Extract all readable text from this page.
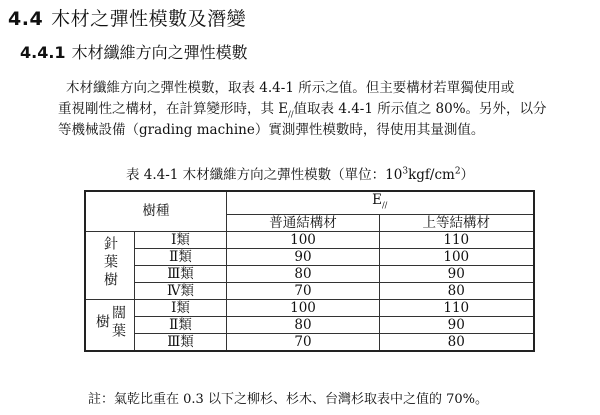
4.4 木材之彈性模數及潛變
4.4.1 木材纖維方向之彈性模數
木材纖維方向之彈性模數，取表 4.4-1 所示之值。但主要構材若單獨使用或
重視剛性之構材，在計算變形時，其 $E_{//}$值取表 4.4-1 所示值之 80%。另外，以分
等機械設備（grading machine）實測彈性模數時，得使用其量測值。
表 4.4-1 木材纖維方向之彈性模數（單位：$10^3kgf/cm^2$）
樹種		$E_{//}$
		普通結構材	上等結構材
針葉樹	Ⅰ類	100	110
	Ⅱ類	90	100
	Ⅲ類	80	90
	Ⅳ類	70	80
闊葉樹	Ⅰ類	100	110
	Ⅱ類	80	90
	Ⅲ類	70	80
註：氣乾比重在 0.3 以下之柳杉、杉木、台灣杉取表中之值的 70%。
